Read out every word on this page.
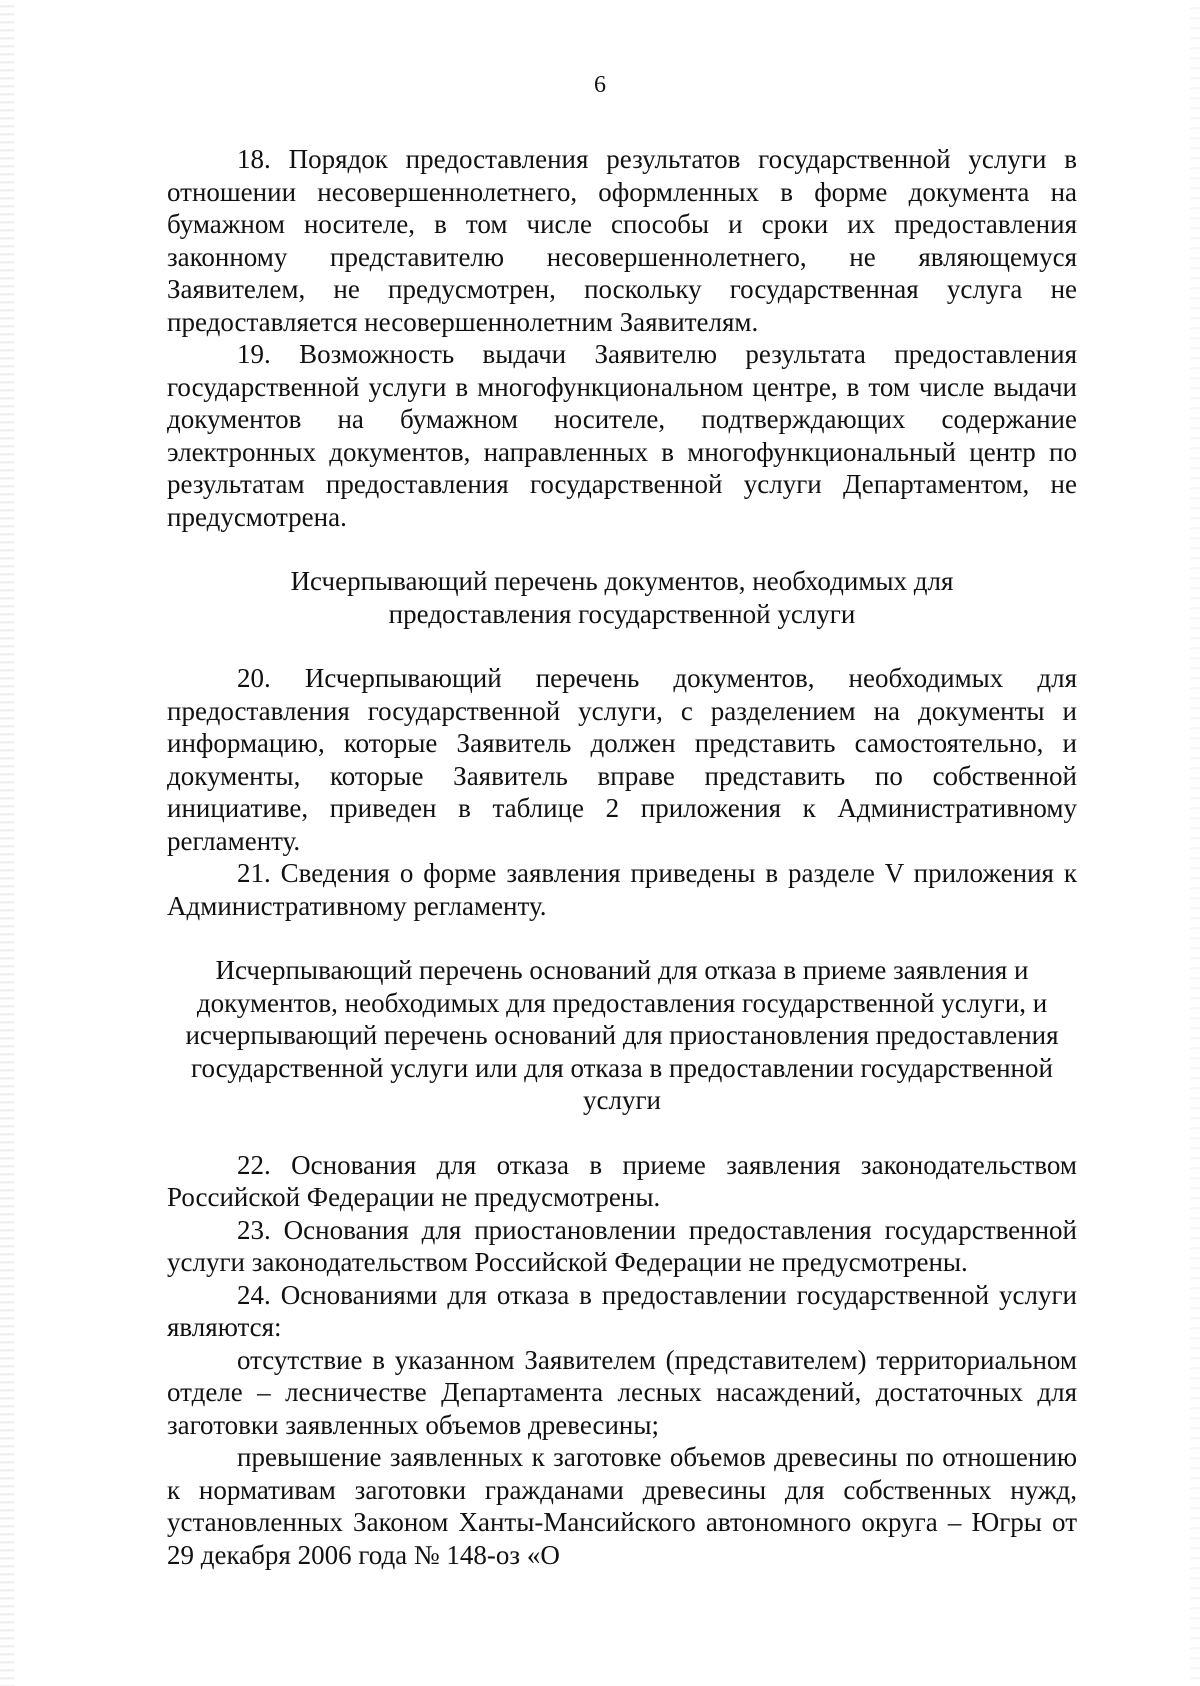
6

18. Порядок предоставления результатов государственной услуги в отношении несовершеннолетнего, оформленных в форме документа на бумажном носителе, в том числе способы и сроки их предоставления законному представителю несовершеннолетнего, не являющемуся Заявителем, не предусмотрен, поскольку государственная услуга не предоставляется несовершеннолетним Заявителям.

19. Возможность выдачи Заявителю результата предоставления государственной услуги в многофункциональном центре, в том числе выдачи документов на бумажном носителе, подтверждающих содержание электронных документов, направленных в многофункциональный центр по результатам предоставления государственной услуги Департаментом, не предусмотрена.

Исчерпывающий перечень документов, необходимых для предоставления государственной услуги

20. Исчерпывающий перечень документов, необходимых для предоставления государственной услуги, с разделением на документы и информацию, которые Заявитель должен представить самостоятельно, и документы, которые Заявитель вправе представить по собственной инициативе, приведен в таблице 2 приложения к Административному регламенту.

21. Сведения о форме заявления приведены в разделе V приложения к Административному регламенту.

Исчерпывающий перечень оснований для отказа в приеме заявления и документов, необходимых для предоставления государственной услуги, и исчерпывающий перечень оснований для приостановления предоставления государственной услуги или для отказа в предоставлении государственной услуги

22. Основания для отказа в приеме заявления законодательством Российской Федерации не предусмотрены.

23. Основания для приостановлении предоставления государственной услуги законодательством Российской Федерации не предусмотрены.

24. Основаниями для отказа в предоставлении государственной услуги являются:

отсутствие в указанном Заявителем (представителем) территориальном отделе – лесничестве Департамента лесных насаждений, достаточных для заготовки заявленных объемов древесины;

превышение заявленных к заготовке объемов древесины по отношению к нормативам заготовки гражданами древесины для собственных нужд, установленных Законом Ханты-Мансийского автономного округа – Югры от 29 декабря 2006 года № 148-оз «О
